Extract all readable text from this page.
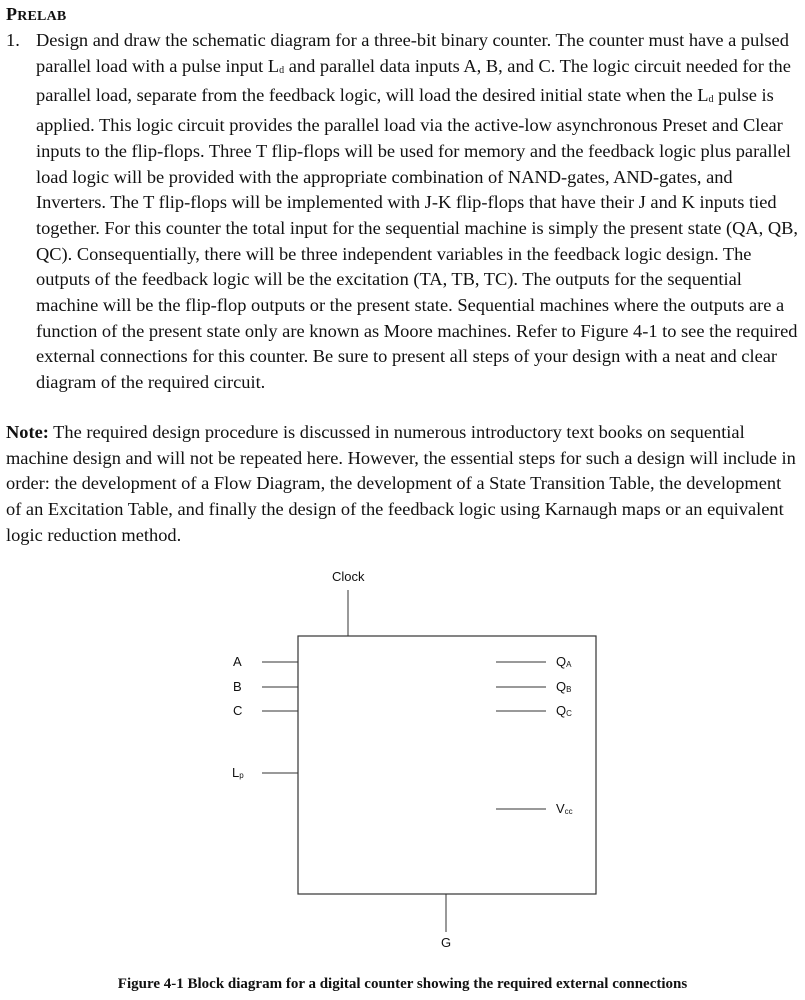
PRELAB
1. Design and draw the schematic diagram for a three-bit binary counter. The counter must have a pulsed parallel load with a pulse input $L_d$ and parallel data inputs A, B, and C. The logic circuit needed for the parallel load, separate from the feedback logic, will load the desired initial state when the $L_d$ pulse is applied. This logic circuit provides the parallel load via the active-low asynchronous Preset and Clear inputs to the flip-flops. Three T flip-flops will be used for memory and the feedback logic plus parallel load logic will be provided with the appropriate combination of NAND-gates, AND-gates, and Inverters. The T flip-flops will be implemented with J-K flip-flops that have their J and K inputs tied together. For this counter the total input for the sequential machine is simply the present state (QA, QB, QC). Consequentially, there will be three independent variables in the feedback logic design. The outputs of the feedback logic will be the excitation (TA, TB, TC). The outputs for the sequential machine will be the flip-flop outputs or the present state. Sequential machines where the outputs are a function of the present state only are known as Moore machines. Refer to Figure 4-1 to see the required external connections for this counter. Be sure to present all steps of your design with a neat and clear diagram of the required circuit.
Note: The required design procedure is discussed in numerous introductory text books on sequential machine design and will not be repeated here. However, the essential steps for such a design will include in order: the development of a Flow Diagram, the development of a State Transition Table, the development of an Excitation Table, and finally the design of the feedback logic using Karnaugh maps or an equivalent logic reduction method.
Clock
A
B
C
$L_p$
$Q_A$
$Q_B$
$Q_C$
$V_{cc}$
G
Figure 4-1 Block diagram for a digital counter showing the required external connections
